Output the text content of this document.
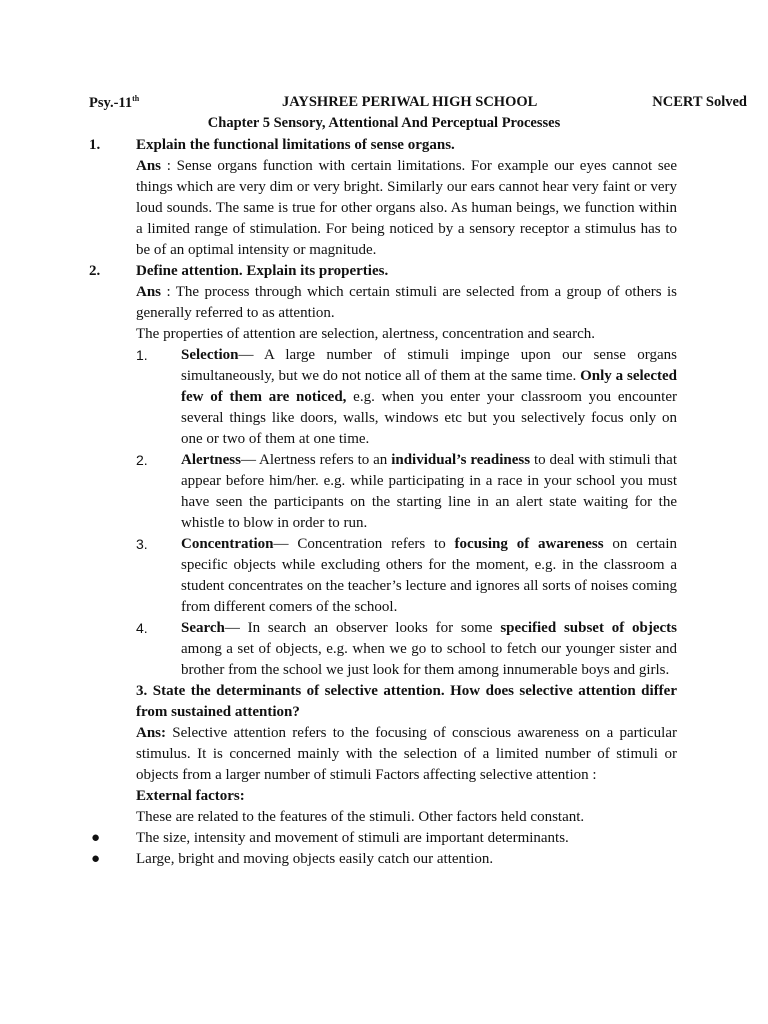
Psy.-11th	JAYSHREE PERIWAL HIGH SCHOOL	NCERT Solved
Chapter 5 Sensory, Attentional And Perceptual Processes
1. Explain the functional limitations of sense organs.
Ans : Sense organs function with certain limitations. For example our eyes cannot see things which are very dim or very bright. Similarly our ears cannot hear very faint or very loud sounds. The same is true for other organs also. As human beings, we function within a limited range of stimulation. For being noticed by a sensory receptor a stimulus has to be of an optimal intensity or magnitude.
2. Define attention. Explain its properties.
Ans : The process through which certain stimuli are selected from a group of others is generally referred to as attention.
The properties of attention are selection, alertness, concentration and search.
1. Selection— A large number of stimuli impinge upon our sense organs simultaneously, but we do not notice all of them at the same time. Only a selected few of them are noticed, e.g. when you enter your classroom you encounter several things like doors, walls, windows etc but you selectively focus only on one or two of them at one time.
2. Alertness— Alertness refers to an individual’s readiness to deal with stimuli that appear before him/her. e.g. while participating in a race in your school you must have seen the participants on the starting line in an alert state waiting for the whistle to blow in order to run.
3. Concentration— Concentration refers to focusing of awareness on certain specific objects while excluding others for the moment, e.g. in the classroom a student concentrates on the teacher’s lecture and ignores all sorts of noises coming from different comers of the school.
4. Search— In search an observer looks for some specified subset of objects among a set of objects, e.g. when we go to school to fetch our younger sister and brother from the school we just look for them among innumerable boys and girls.
3. State the determinants of selective attention. How does selective attention differ from sustained attention?
Ans: Selective attention refers to the focusing of conscious awareness on a particular stimulus. It is concerned mainly with the selection of a limited number of stimuli or objects from a larger number of stimuli Factors affecting selective attention :
External factors:
These are related to the features of the stimuli. Other factors held constant.
● The size, intensity and movement of stimuli are important determinants.
● Large, bright and moving objects easily catch our attention.
